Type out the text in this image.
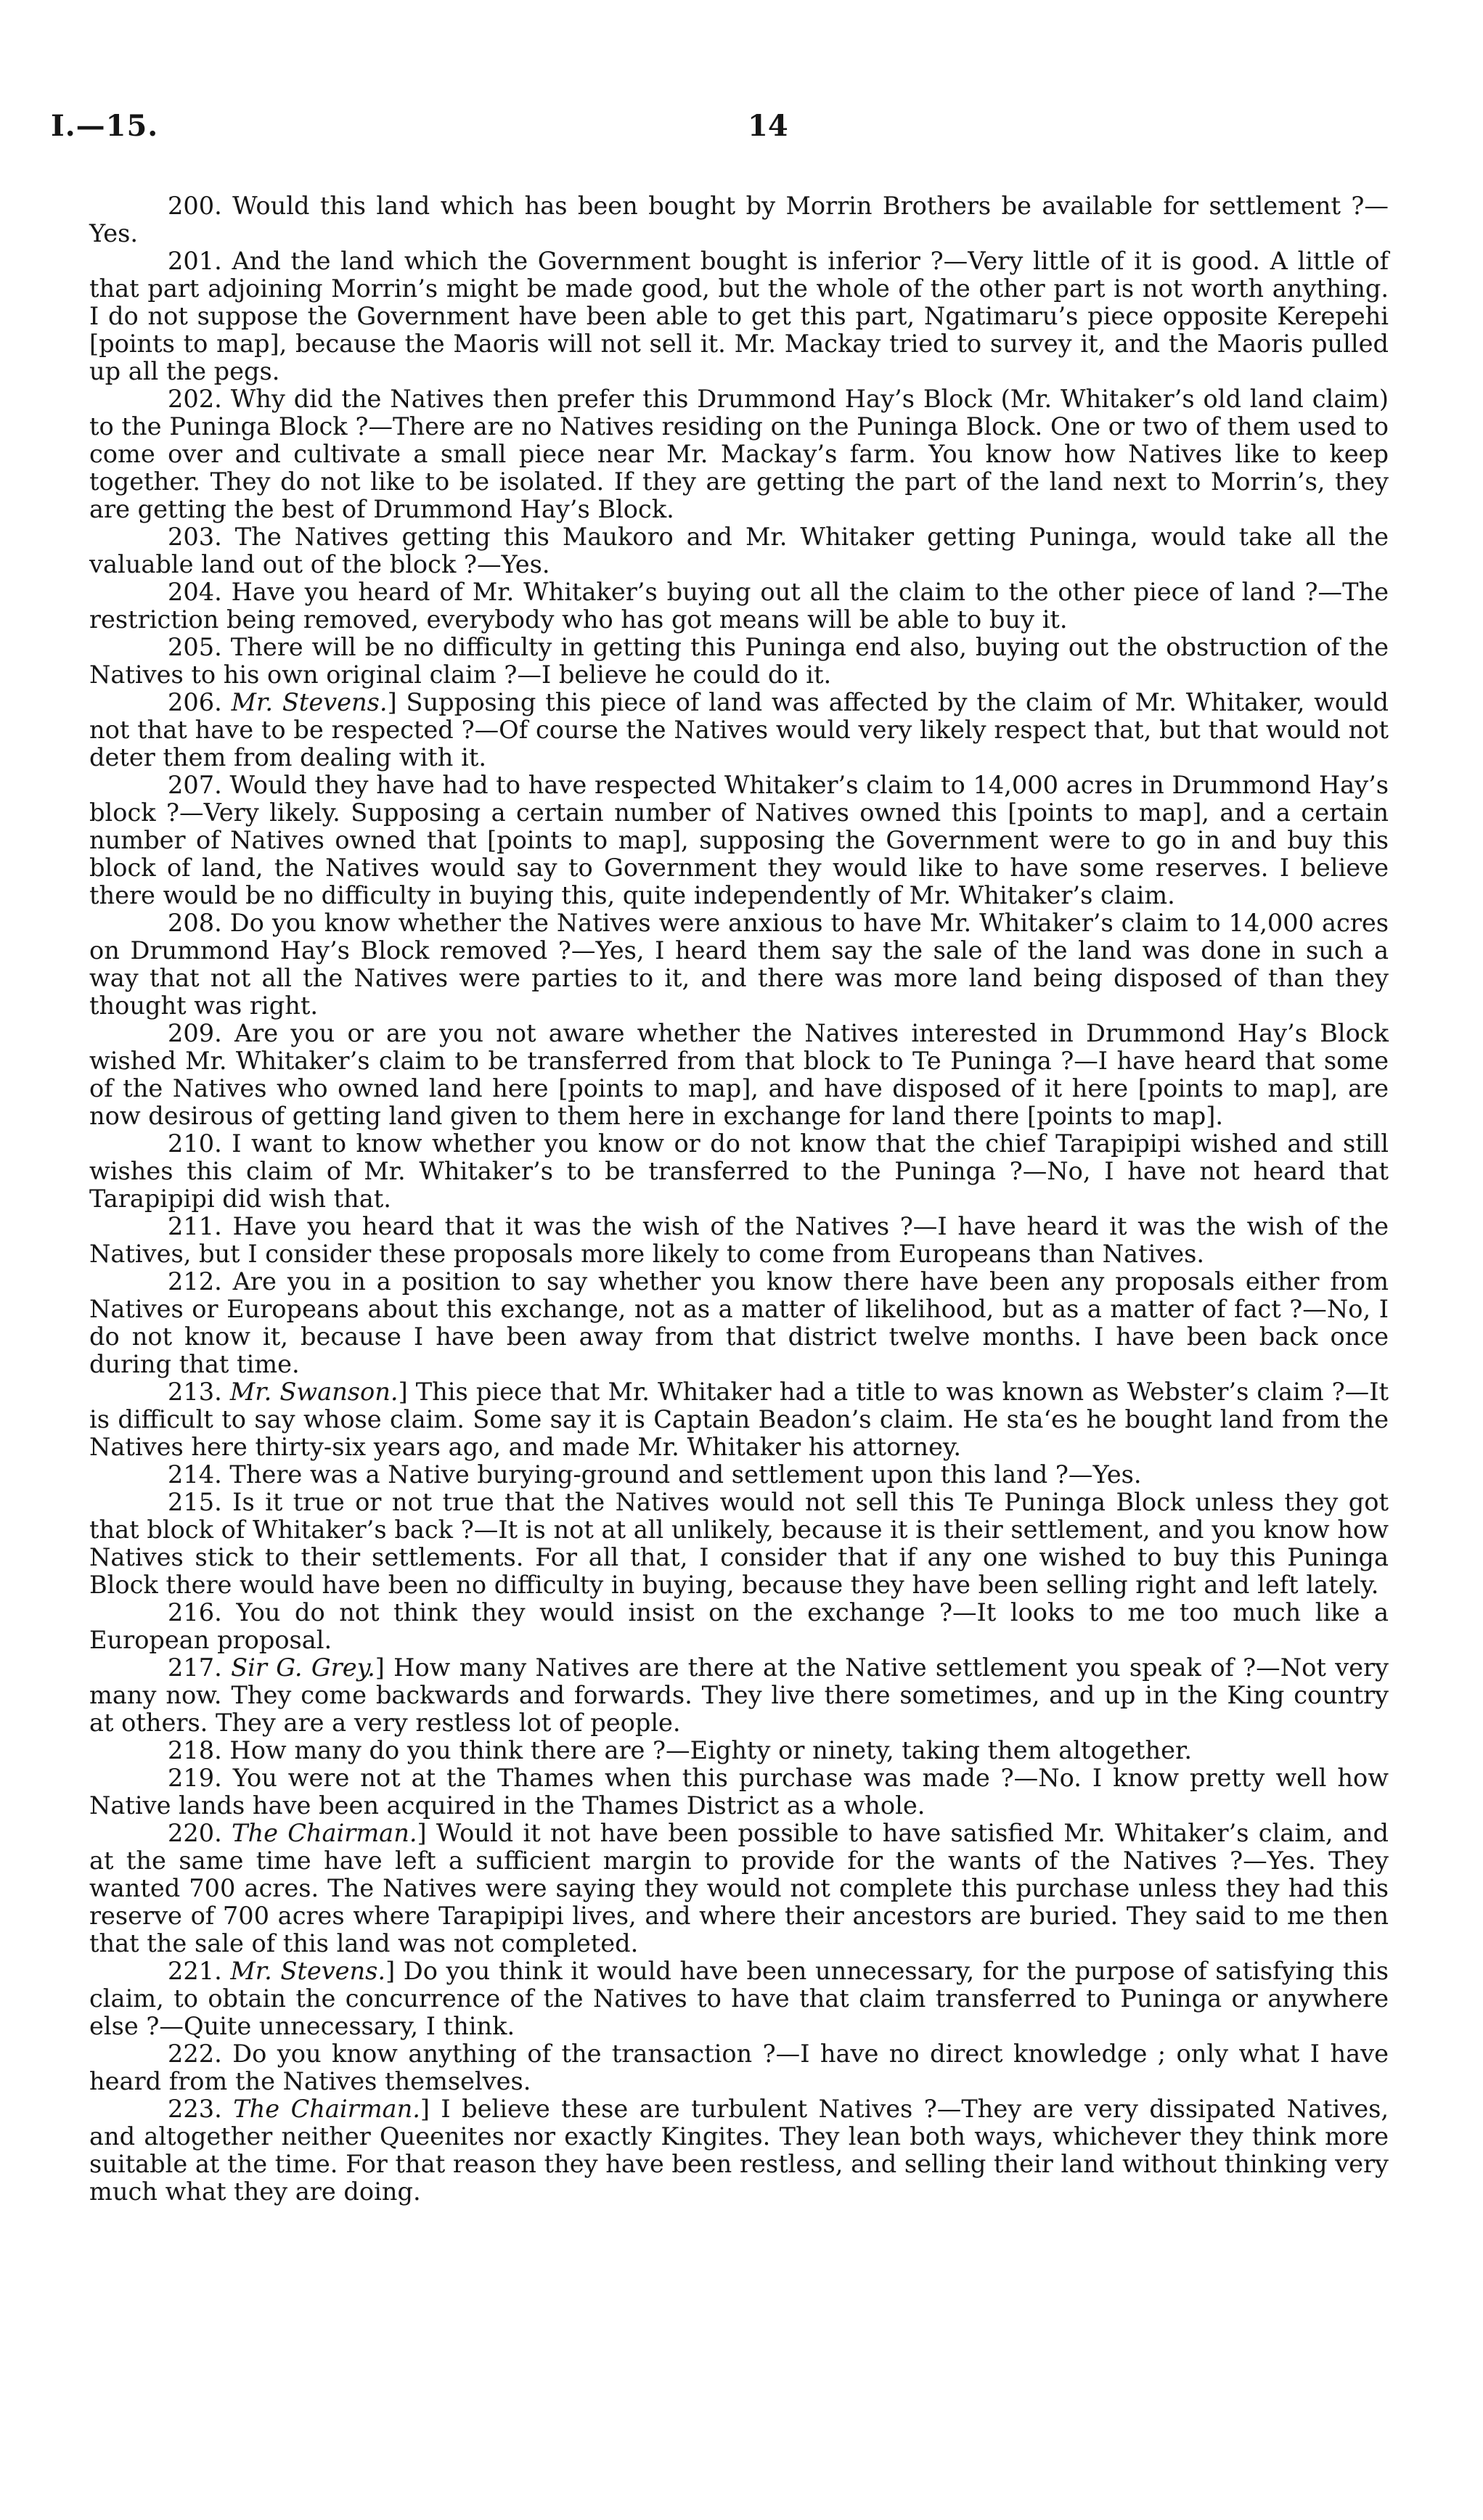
I.—15.	14

200. Would this land which has been bought by Morrin Brothers be available for settlement ?—Yes.

201. And the land which the Government bought is inferior ?—Very little of it is good. A little of that part adjoining Morrin’s might be made good, but the whole of the other part is not worth anything. I do not suppose the Government have been able to get this part, Ngatimaru’s piece opposite Kerepehi [points to map], because the Maoris will not sell it. Mr. Mackay tried to survey it, and the Maoris pulled up all the pegs.

202. Why did the Natives then prefer this Drummond Hay’s Block (Mr. Whitaker’s old land claim) to the Puninga Block ?—There are no Natives residing on the Puninga Block. One or two of them used to come over and cultivate a small piece near Mr. Mackay’s farm. You know how Natives like to keep together. They do not like to be isolated. If they are getting the part of the land next to Morrin’s, they are getting the best of Drummond Hay’s Block.

203. The Natives getting this Maukoro and Mr. Whitaker getting Puninga, would take all the valuable land out of the block ?—Yes.

204. Have you heard of Mr. Whitaker’s buying out all the claim to the other piece of land ?—The restriction being removed, everybody who has got means will be able to buy it.

205. There will be no difficulty in getting this Puninga end also, buying out the obstruction of the Natives to his own original claim ?—I believe he could do it.

206. Mr. Stevens.] Supposing this piece of land was affected by the claim of Mr. Whitaker, would not that have to be respected ?—Of course the Natives would very likely respect that, but that would not deter them from dealing with it.

207. Would they have had to have respected Whitaker’s claim to 14,000 acres in Drummond Hay’s block ?—Very likely. Supposing a certain number of Natives owned this [points to map], and a certain number of Natives owned that [points to map], supposing the Government were to go in and buy this block of land, the Natives would say to Government they would like to have some reserves. I believe there would be no difficulty in buying this, quite independently of Mr. Whitaker’s claim.

208. Do you know whether the Natives were anxious to have Mr. Whitaker’s claim to 14,000 acres on Drummond Hay’s Block removed ?—Yes, I heard them say the sale of the land was done in such a way that not all the Natives were parties to it, and there was more land being disposed of than they thought was right.

209. Are you or are you not aware whether the Natives interested in Drummond Hay’s Block wished Mr. Whitaker’s claim to be transferred from that block to Te Puninga ?—I have heard that some of the Natives who owned land here [points to map], and have disposed of it here [points to map], are now desirous of getting land given to them here in exchange for land there [points to map].

210. I want to know whether you know or do not know that the chief Tarapipipi wished and still wishes this claim of Mr. Whitaker’s to be transferred to the Puninga ?—No, I have not heard that Tarapipipi did wish that.

211. Have you heard that it was the wish of the Natives ?—I have heard it was the wish of the Natives, but I consider these proposals more likely to come from Europeans than Natives.

212. Are you in a position to say whether you know there have been any proposals either from Natives or Europeans about this exchange, not as a matter of likelihood, but as a matter of fact ?—No, I do not know it, because I have been away from that district twelve months. I have been back once during that time.

213. Mr. Swanson.] This piece that Mr. Whitaker had a title to was known as Webster’s claim ?—It is difficult to say whose claim. Some say it is Captain Beadon’s claim. He sta‘es he bought land from the Natives here thirty-six years ago, and made Mr. Whitaker his attorney.

214. There was a Native burying-ground and settlement upon this land ?—Yes.

215. Is it true or not true that the Natives would not sell this Te Puninga Block unless they got that block of Whitaker’s back ?—It is not at all unlikely, because it is their settlement, and you know how Natives stick to their settlements. For all that, I consider that if any one wished to buy this Puninga Block there would have been no difficulty in buying, because they have been selling right and left lately.

216. You do not think they would insist on the exchange ?—It looks to me too much like a European proposal.

217. Sir G. Grey.] How many Natives are there at the Native settlement you speak of ?—Not very many now. They come backwards and forwards. They live there sometimes, and up in the King country at others. They are a very restless lot of people.

218. How many do you think there are ?—Eighty or ninety, taking them altogether.

219. You were not at the Thames when this purchase was made ?—No. I know pretty well how Native lands have been acquired in the Thames District as a whole.

220. The Chairman.] Would it not have been possible to have satisfied Mr. Whitaker’s claim, and at the same time have left a sufficient margin to provide for the wants of the Natives ?—Yes. They wanted 700 acres. The Natives were saying they would not complete this purchase unless they had this reserve of 700 acres where Tarapipipi lives, and where their ancestors are buried. They said to me then that the sale of this land was not completed.

221. Mr. Stevens.] Do you think it would have been unnecessary, for the purpose of satisfying this claim, to obtain the concurrence of the Natives to have that claim transferred to Puninga or anywhere else ?—Quite unnecessary, I think.

222. Do you know anything of the transaction ?—I have no direct knowledge ; only what I have heard from the Natives themselves.

223. The Chairman.] I believe these are turbulent Natives ?—They are very dissipated Natives, and altogether neither Queenites nor exactly Kingites. They lean both ways, whichever they think more suitable at the time. For that reason they have been restless, and selling their land without thinking very much what they are doing.
